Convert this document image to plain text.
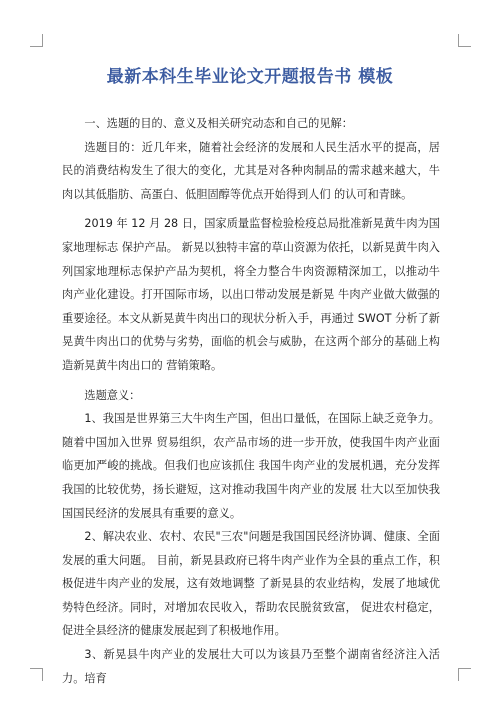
最新本科生毕业论文开题报告书 模板

一、选题的目的、意义及相关研究动态和自己的见解：

选题目的：近几年来，随着社会经济的发展和人民生活水平的提高，居民的消费结构发生了很大的变化，尤其是对各种肉制品的需求越来越大，牛肉以其低脂肪、高蛋白、低胆固醇等优点开始得到人们 的认可和青睐。

2019 年 12 月 28 日，国家质量监督检验检疫总局批准新晃黄牛肉为国家地理标志 保护产品。 新晃以独特丰富的草山资源为依托，以新晃黄牛肉入列国家地理标志保护产品为契机，将全力整合牛肉资源精深加工，以推动牛肉产业化建设。打开国际市场，以出口带动发展是新晃 牛肉产业做大做强的重要途径。本文从新晃黄牛肉出口的现状分析入手，再通过 SWOT 分析了新 晃黄牛肉出口的优势与劣势，面临的机会与威胁，在这两个部分的基础上构造新晃黄牛肉出口的 营销策略。

选题意义：

1、我国是世界第三大牛肉生产国，但出口量低，在国际上缺乏竞争力。随着中国加入世界 贸易组织，农产品市场的进一步开放，使我国牛肉产业面临更加严峻的挑战。但我们也应该抓住 我国牛肉产业的发展机遇，充分发挥我国的比较优势，扬长避短，这对推动我国牛肉产业的发展 壮大以至加快我国国民经济的发展具有重要的意义。

2、解决农业、农村、农民"三农"问题是我国国民经济协调、健康、全面发展的重大问题。 目前，新晃县政府已将牛肉产业作为全县的重点工作，积极促进牛肉产业的发展，这有效地调整 了新晃县的农业结构，发展了地域优势特色经济。同时，对增加农民收入，帮助农民脱贫致富， 促进农村稳定，促进全县经济的健康发展起到了积极地作用。

3、新晃县牛肉产业的发展壮大可以为该县乃至整个湖南省经济注入活力。培育
